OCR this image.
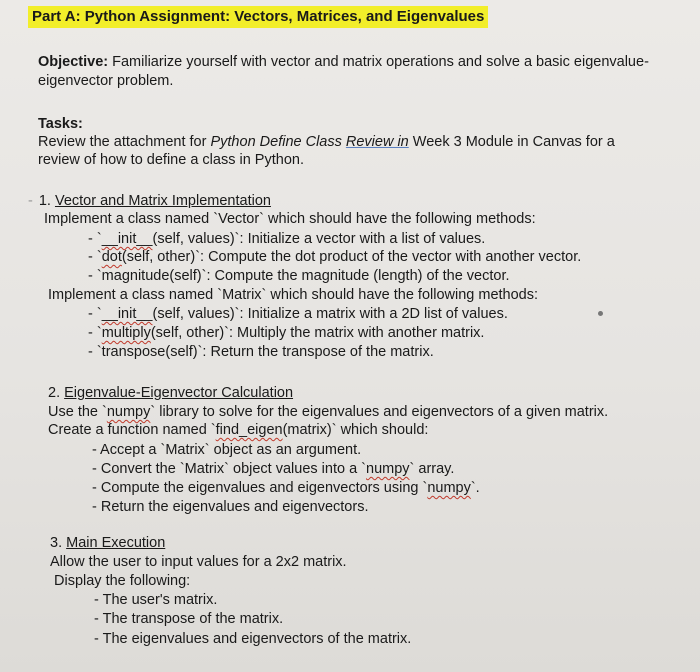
Part A: Python Assignment: Vectors, Matrices, and Eigenvalues
Objective: Familiarize yourself with vector and matrix operations and solve a basic eigenvalue-
eigenvector problem.
Tasks:
Review the attachment for Python Define Class Review in Week 3 Module in Canvas for a
review of how to define a class in Python.
- 1. Vector and Matrix Implementation
Implement a class named `Vector` which should have the following methods:
- `__init__(self, values)`: Initialize a vector with a list of values.
- `dot(self, other)`: Compute the dot product of the vector with another vector.
- `magnitude(self)`: Compute the magnitude (length) of the vector.
Implement a class named `Matrix` which should have the following methods:
- `__init__(self, values)`: Initialize a matrix with a 2D list of values.
- `multiply(self, other)`: Multiply the matrix with another matrix.
- `transpose(self)`: Return the transpose of the matrix.
2. Eigenvalue-Eigenvector Calculation
Use the `numpy` library to solve for the eigenvalues and eigenvectors of a given matrix.
Create a function named `find_eigen(matrix)` which should:
- Accept a `Matrix` object as an argument.
- Convert the `Matrix` object values into a `numpy` array.
- Compute the eigenvalues and eigenvectors using `numpy`.
- Return the eigenvalues and eigenvectors.
3. Main Execution
Allow the user to input values for a 2x2 matrix.
Display the following:
- The user's matrix.
- The transpose of the matrix.
- The eigenvalues and eigenvectors of the matrix.
